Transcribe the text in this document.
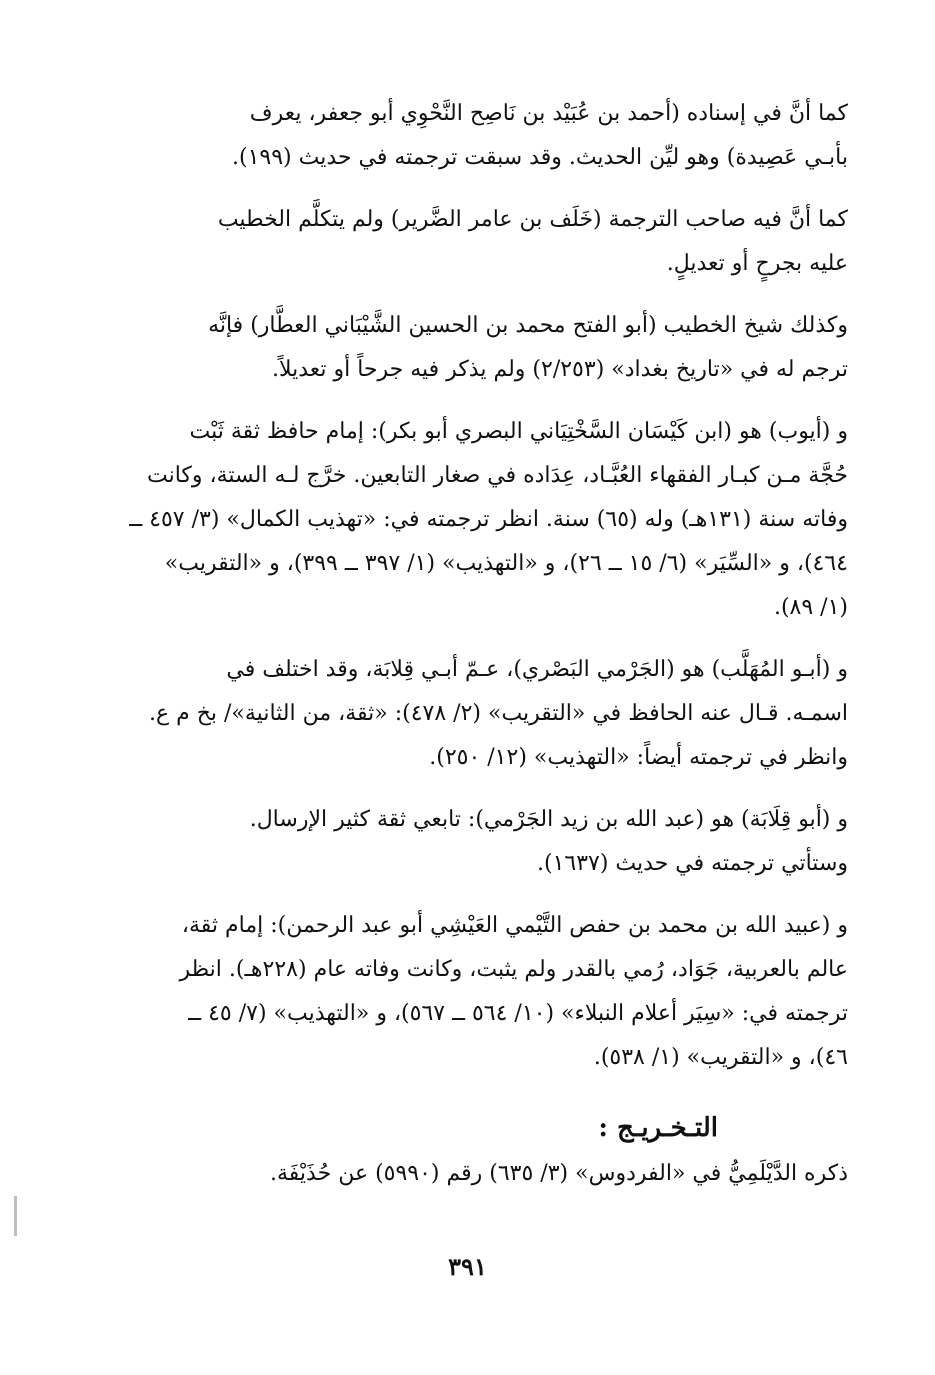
كما أنَّ في إسناده (أحمد بن عُبَيْد بن نَاصِح النَّحْوِي أبو جعفر، يعرف
بأبـي عَصِيدة) وهو ليِّن الحديث. وقد سبقت ترجمته في حديث (١٩٩).

كما أنَّ فيه صاحب الترجمة (خَلَف بن عامر الضَّرير) ولم يتكلَّم الخطيب
عليه بجرحٍ أو تعديلٍ.

وكذلك شيخ الخطيب (أبو الفتح محمد بن الحسين الشَّيْبَاني العطَّار) فإنَّه
ترجم له في «تاريخ بغداد» (٢/٢٥٣) ولم يذكر فيه جرحاً أو تعديلاً.

و (أيوب) هو (ابن كَيْسَان السَّخْتِيَاني البصري أبو بكر): إمام حافظ ثقة ثَبْت
حُجَّة مـن كبـار الفقهاء العُبَّـاد، عِدَاده في صغار التابعين. خرَّج لـه الستة، وكانت
وفاته سنة (١٣١هـ) وله (٦٥) سنة. انظر ترجمته في: «تهذيب الكمال» (٣/ ٤٥٧ ــ
٤٦٤)، و «السِّيَر» (٦/ ١٥ ــ ٢٦)، و «التهذيب» (١/ ٣٩٧ ــ ٣٩٩)، و «التقريب»
(١/ ٨٩).

و (أبـو المُهَلَّب) هو (الجَرْمي البَصْري)، عـمّ أبـي قِلابَة، وقد اختلف في
اسمـه. قـال عنه الحافظ في «التقريب» (٢/ ٤٧٨): «ثقة، من الثانية»/ بخ م ع.
وانظر في ترجمته أيضاً: «التهذيب» (١٢/ ٢٥٠).

و (أبو قِلَابَة) هو (عبد الله بن زيد الجَرْمي): تابعي ثقة كثير الإرسال.
وستأتي ترجمته في حديث (١٦٣٧).

و (عبيد الله بن محمد بن حفص التَّيْمي العَيْشِي أبو عبد الرحمن): إمام ثقة،
عالم بالعربية، جَوَاد، رُمي بالقدر ولم يثبت، وكانت وفاته عام (٢٢٨هـ). انظر
ترجمته في: «سِيَر أعلام النبلاء» (١٠/ ٥٦٤ ــ ٥٦٧)، و «التهذيب» (٧/ ٤٥ ــ
٤٦)، و «التقريب» (١/ ٥٣٨).

التـخـريـج :

ذكره الدَّيْلَمِيُّ في «الفردوس» (٣/ ٦٣٥) رقم (٥٩٩٠) عن حُذَيْفَة.

٣٩١
